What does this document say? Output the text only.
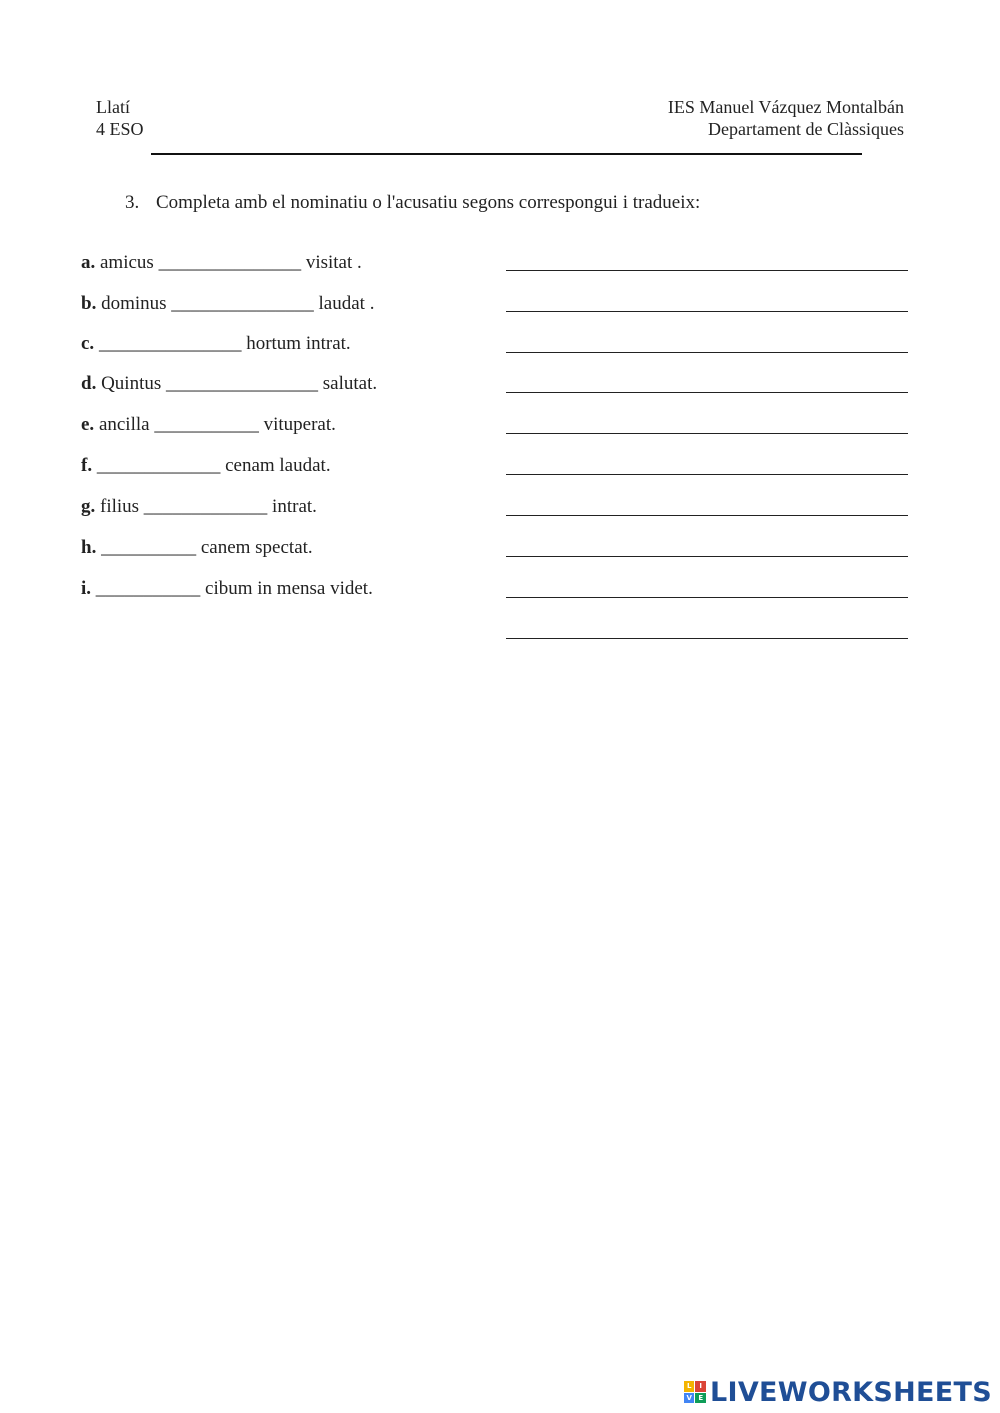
Llatí
4 ESO
IES Manuel Vázquez Montalbán
Departament de Clàssiques
3. Completa amb el nominatiu o l'acusatiu segons correspongui i tradueix:
a. amicus _______________ visitat .
b. dominus _______________ laudat .
c. _______________ hortum intrat.
d. Quintus ________________ salutat.
e. ancilla ___________ vituperat.
f. _____________ cenam laudat.
g. filius _____________ intrat.
h. __________ canem spectat.
i. ___________ cibum in mensa videt.
L	I
V E LIVEWORKSHEETS
